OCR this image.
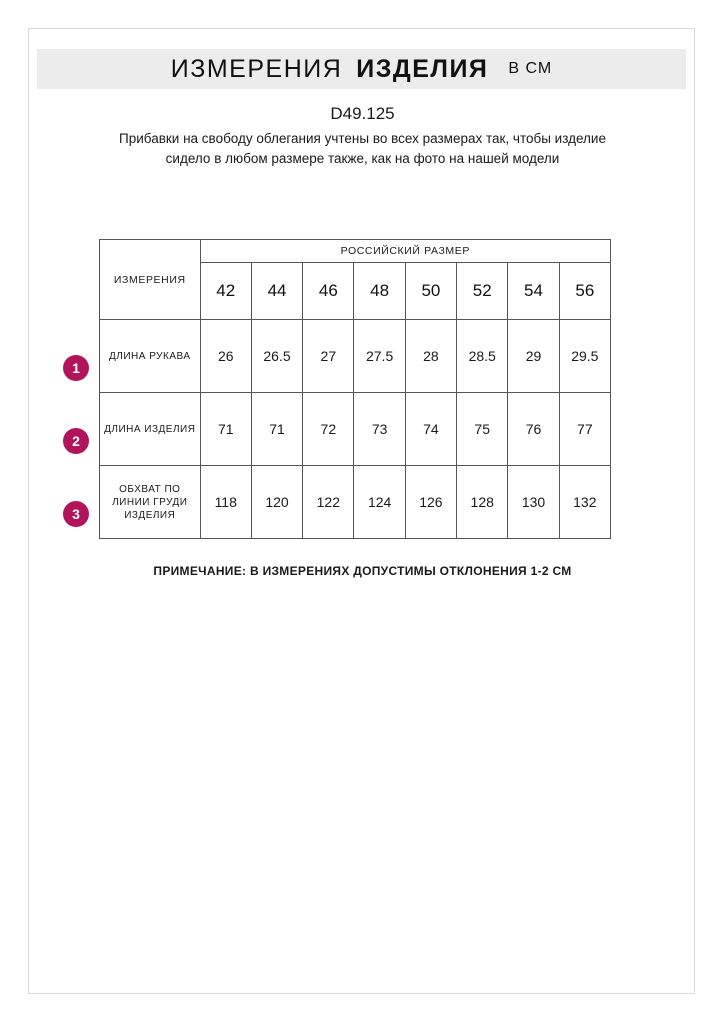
ИЗМЕРЕНИЯ ИЗДЕЛИЯ	В СМ
D49.125
Прибавки на свободу облегания учтены во всех размерах так, чтобы изделие сидело в любом размере также, как на фото на нашей модели
ИЗМЕРЕНИЯ	РОССИЙСКИЙ РАЗМЕР							
	42	44	46	48	50	52	54	56
ДЛИНА РУКАВА	26	26.5	27	27.5	28	28.5	29	29.5
ДЛИНА ИЗДЕЛИЯ	71	71	72	73	74	75	76	77
ОБХВАТ ПО ЛИНИИ ГРУДИ ИЗДЕЛИЯ	118	120	122	124	126	128	130	132
1
2
3
ПРИМЕЧАНИЕ: В ИЗМЕРЕНИЯХ ДОПУСТИМЫ ОТКЛОНЕНИЯ 1-2 СМ
